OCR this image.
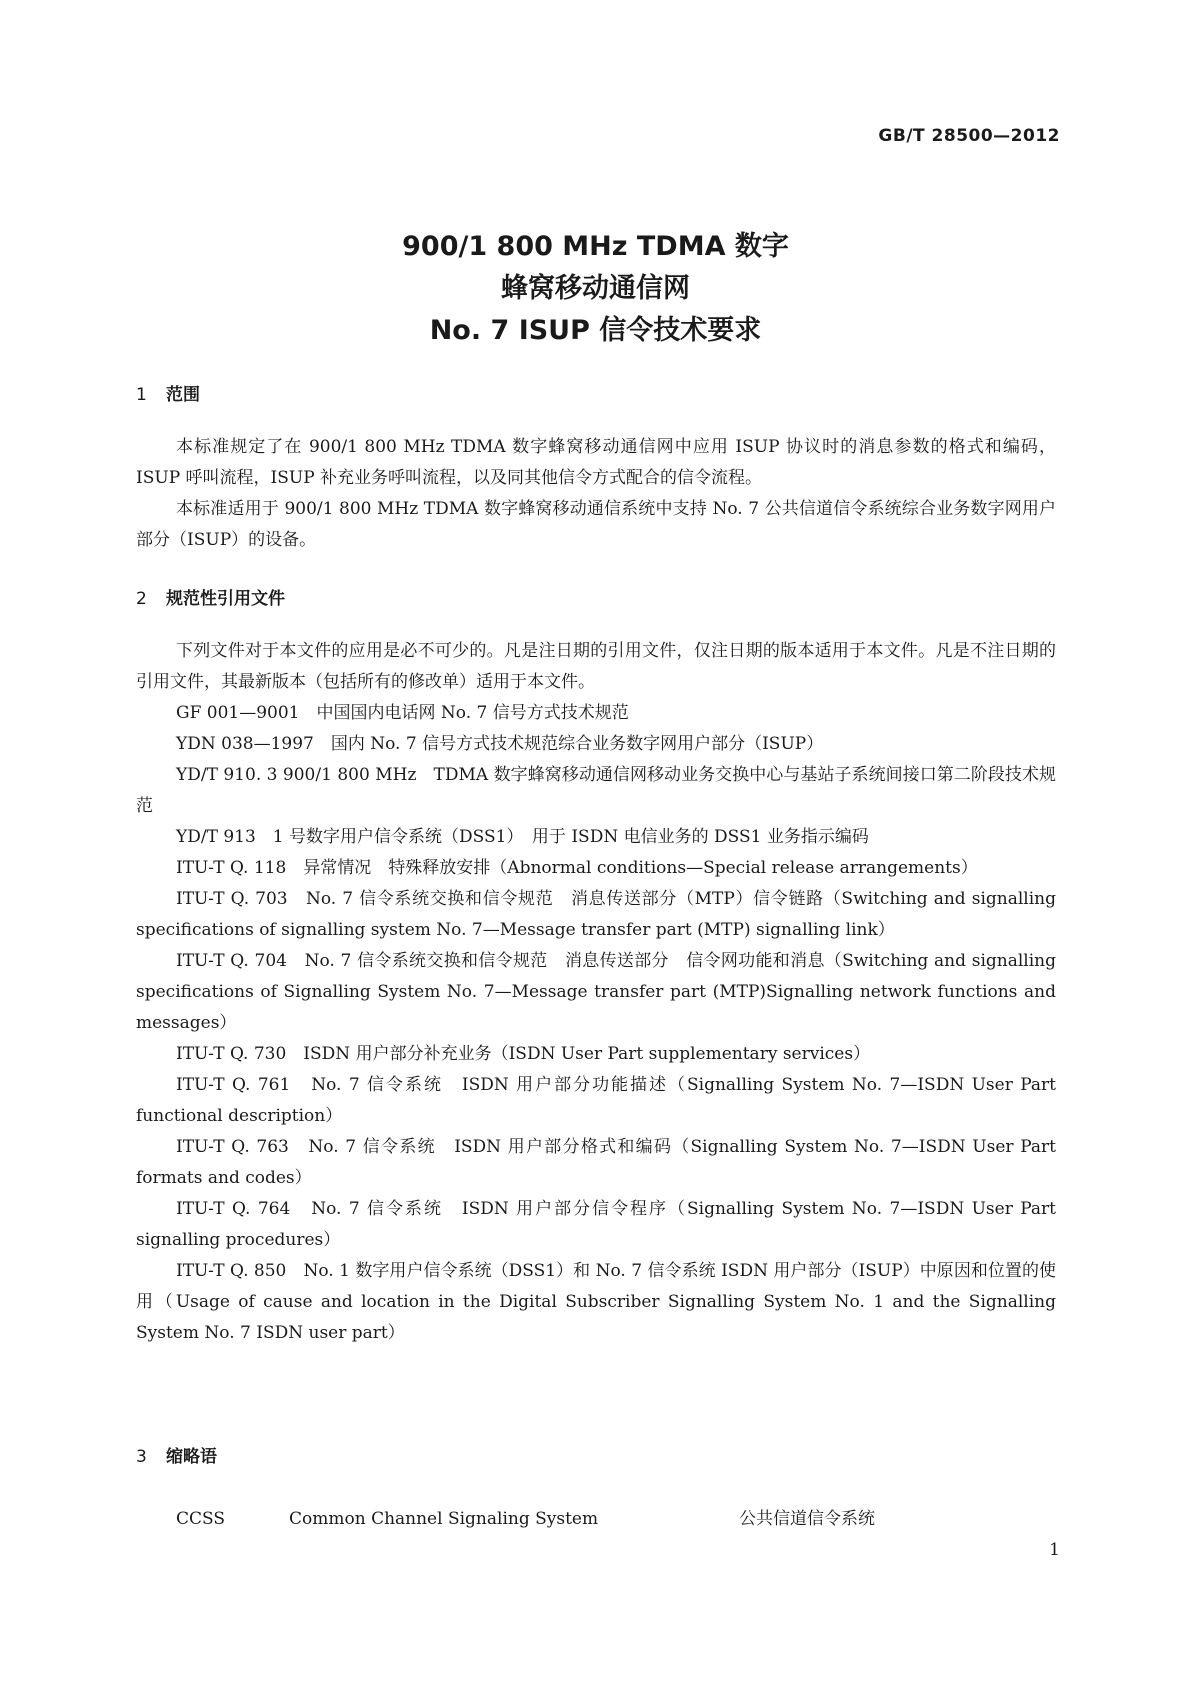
GB/T 28500—2012
900/1 800 MHz TDMA 数字
蜂窝移动通信网
No. 7 ISUP 信令技术要求
1 范围

本标准规定了在 900/1 800 MHz TDMA 数字蜂窝移动通信网中应用 ISUP 协议时的消息参数的格式和编码，ISUP 呼叫流程，ISUP 补充业务呼叫流程，以及同其他信令方式配合的信令流程。

本标准适用于 900/1 800 MHz TDMA 数字蜂窝移动通信系统中支持 No. 7 公共信道信令系统综合业务数字网用户部分（ISUP）的设备。

2 规范性引用文件

下列文件对于本文件的应用是必不可少的。凡是注日期的引用文件，仅注日期的版本适用于本文件。凡是不注日期的引用文件，其最新版本（包括所有的修改单）适用于本文件。

GF 001—9001　中国国内电话网 No. 7 信号方式技术规范

YDN 038—1997　国内 No. 7 信号方式技术规范综合业务数字网用户部分（ISUP）

YD/T 910. 3 900/1 800 MHz　TDMA 数字蜂窝移动通信网移动业务交换中心与基站子系统间接口第二阶段技术规范

YD/T 913　1 号数字用户信令系统（DSS1）　用于 ISDN 电信业务的 DSS1 业务指示编码

ITU-T Q. 118　异常情况　特殊释放安排（Abnormal conditions—Special release arrangements）

ITU-T Q. 703　No. 7 信令系统交换和信令规范　消息传送部分（MTP）信令链路（Switching and signalling specifications of signalling system No. 7—Message transfer part (MTP) signalling link）

ITU-T Q. 704　No. 7 信令系统交换和信令规范　消息传送部分　信令网功能和消息（Switching and signalling specifications of Signalling System No. 7—Message transfer part (MTP)Signalling network functions and messages）

ITU-T Q. 730　ISDN 用户部分补充业务（ISDN User Part supplementary services）

ITU-T Q. 761　No. 7 信令系统　ISDN 用户部分功能描述（Signalling System No. 7—ISDN User Part functional description）

ITU-T Q. 763　No. 7 信令系统　ISDN 用户部分格式和编码（Signalling System No. 7—ISDN User Part formats and codes）

ITU-T Q. 764　No. 7 信令系统　ISDN 用户部分信令程序（Signalling System No. 7—ISDN User Part signalling procedures）

ITU-T Q. 850　No. 1 数字用户信令系统（DSS1）和 No. 7 信令系统 ISDN 用户部分（ISUP）中原因和位置的使用（Usage of cause and location in the Digital Subscriber Signalling System No. 1 and the Signalling System No. 7 ISDN user part）

3 缩略语
CCSS	Common Channel Signaling System	公共信道信令系统
1
